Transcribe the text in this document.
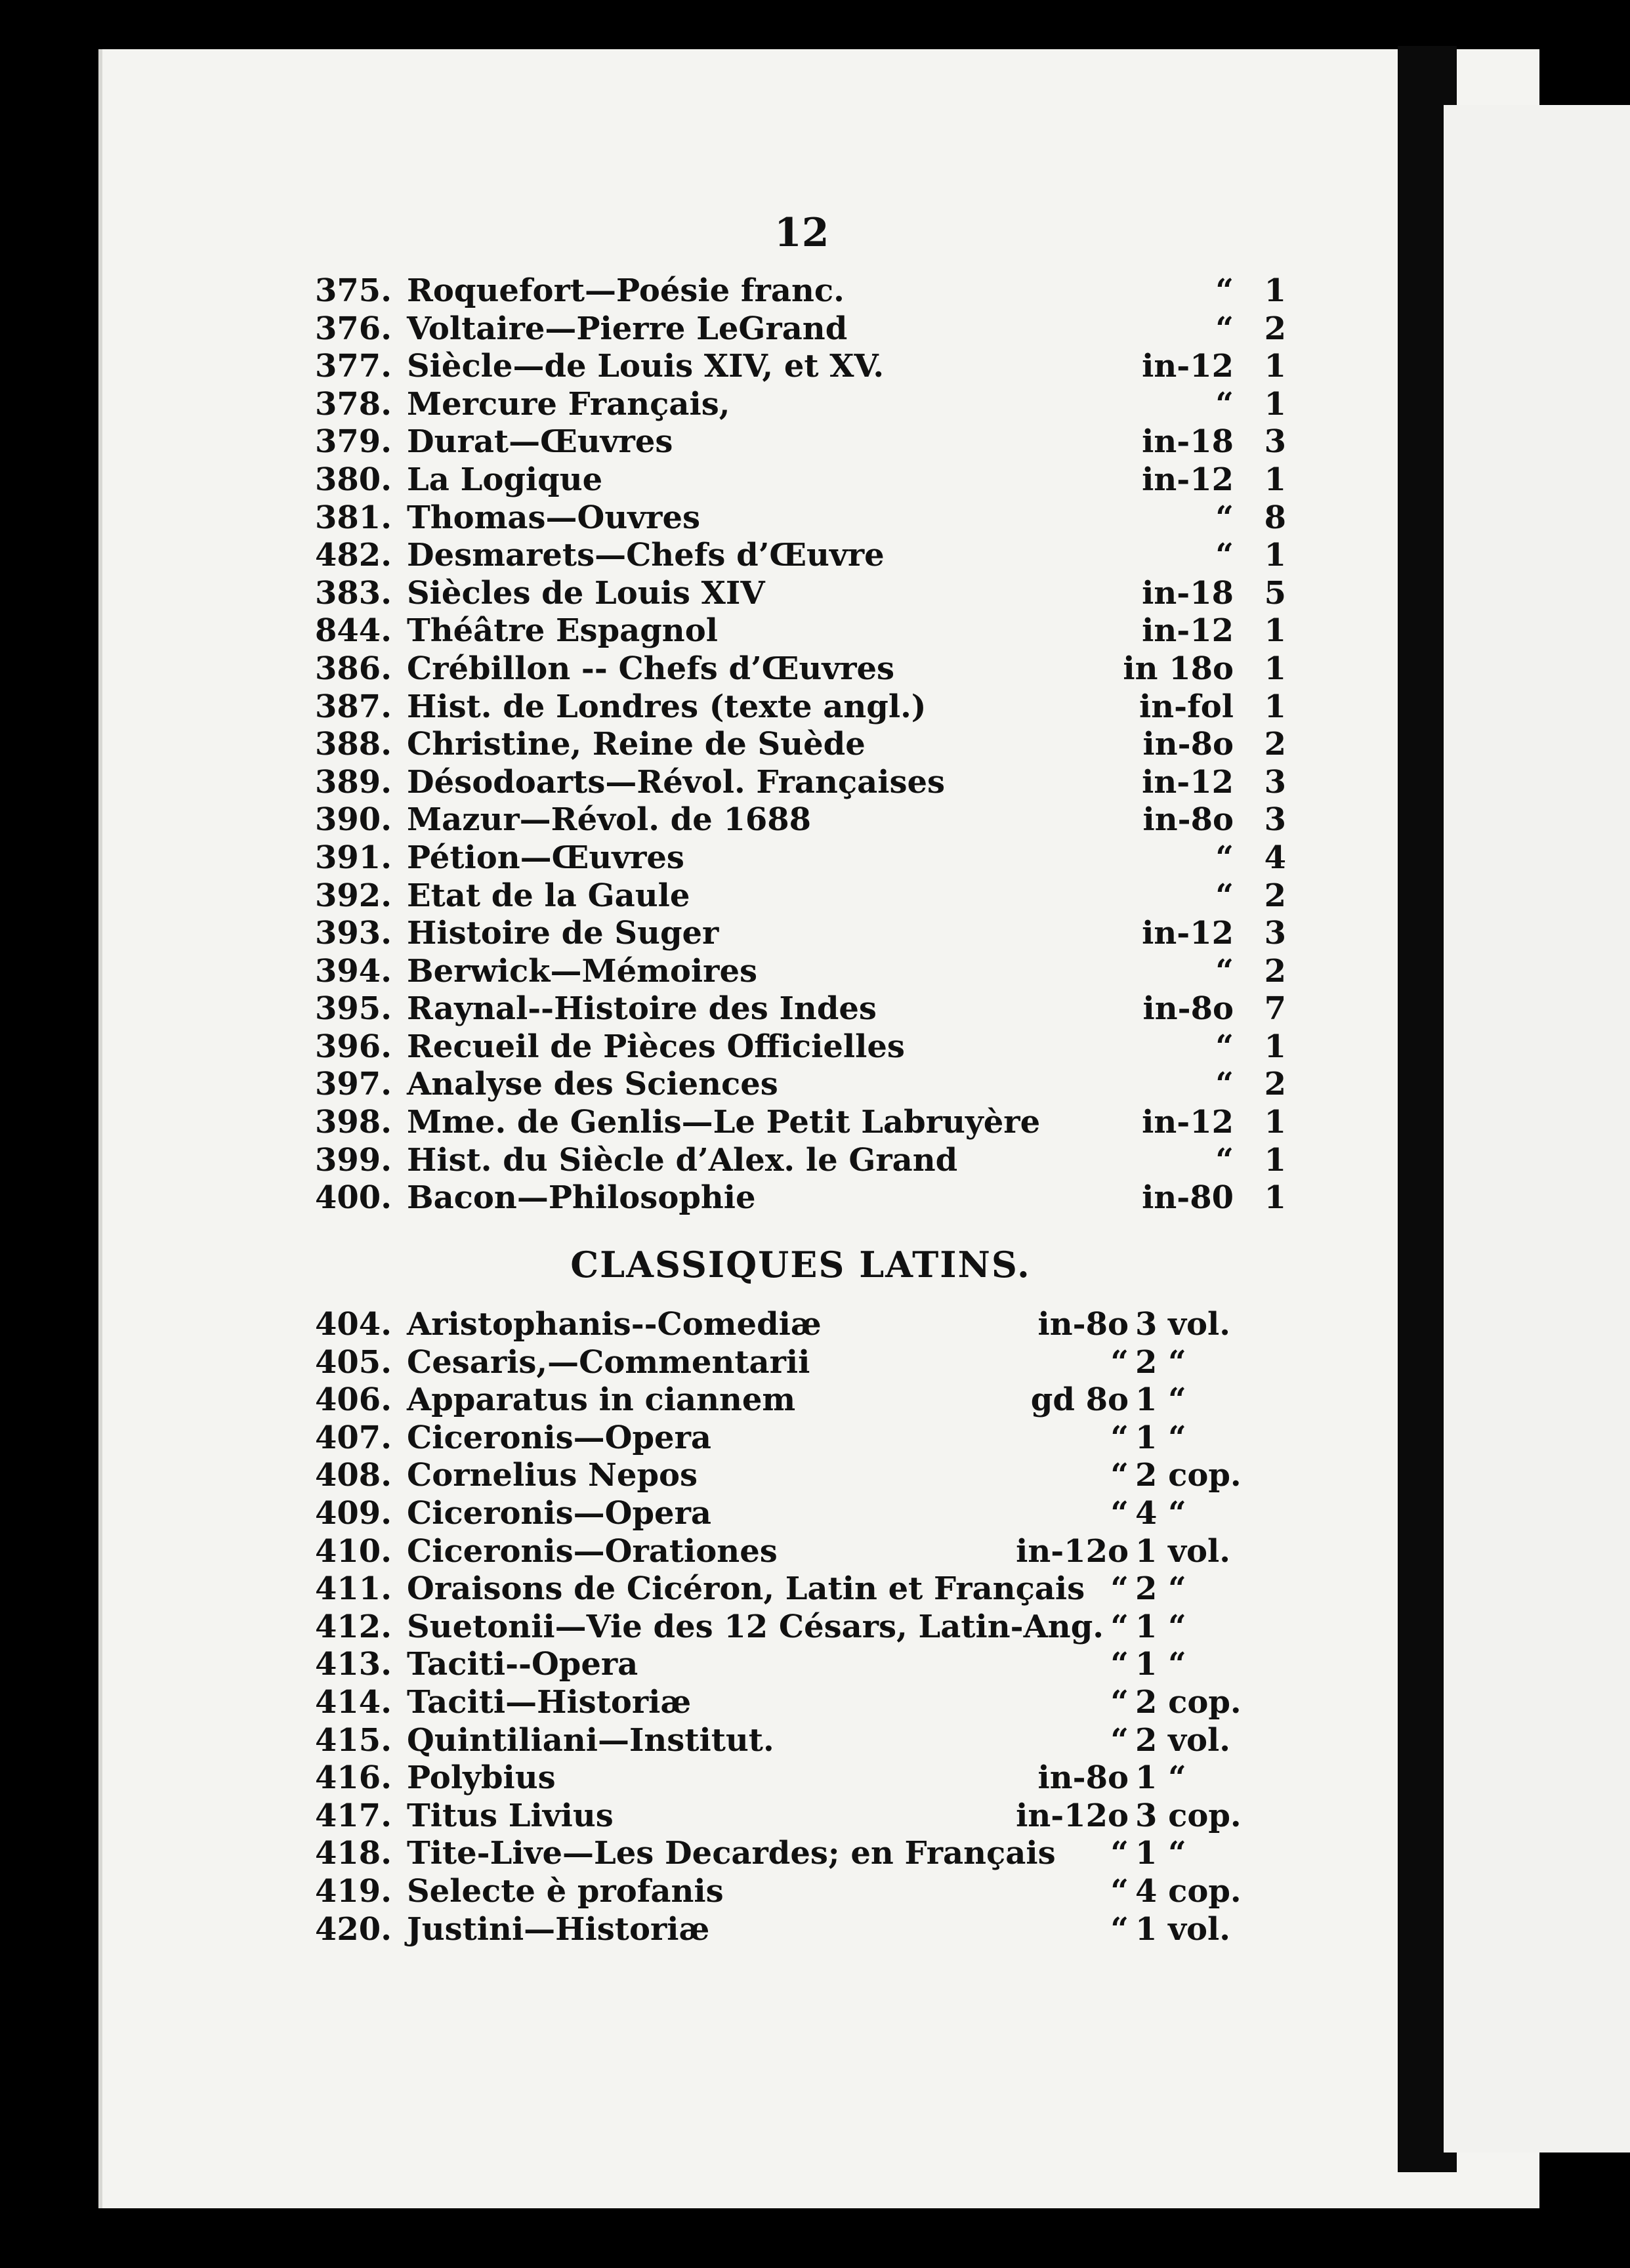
12
375. Roquefort—Poésie franc.	“ 1
376. Voltaire—Pierre LeGrand	“ 2
377. Siècle—de Louis XIV, et XV.	in-12 1
378. Mercure Français,	“ 1
379. Durat—Œuvres	in-18 3
380. La Logique	in-12 1
381. Thomas—Ouvres	“ 8
482. Desmarets—Chefs d’Œuvre	“ 1
383. Siècles de Louis XIV	in-18 5
844. Théâtre Espagnol	in-12 1
386. Crébillon -- Chefs d’Œuvres	in 18o 1
387. Hist. de Londres (texte angl.)	in-fol 1
388. Christine, Reine de Suède	in-8o 2
389. Désodoarts—Révol. Françaises	in-12 3
390. Mazur—Révol. de 1688	in-8o 3
391. Pétion—Œuvres	“ 4
392. Etat de la Gaule	“ 2
393. Histoire de Suger	in-12 3
394. Berwick—Mémoires	“ 2
395. Raynal--Histoire des Indes	in-8o 7
396. Recueil de Pièces Officielles	“ 1
397. Analyse des Sciences	“ 2
398. Mme. de Genlis—Le Petit Labruyère	in-12 1
399. Hist. du Siècle d’Alex. le Grand	“ 1
400. Bacon—Philosophie	in-80 1
CLASSIQUES LATINS.
404. Aristophanis--Comediæ	in-8o 3 vol.
405. Cesaris,—Commentarii	“ 2 “
406. Apparatus in ciannem	gd 8o 1 “
407. Ciceronis—Opera	“ 1 “
408. Cornelius Nepos	“ 2 cop.
409. Ciceronis—Opera	“ 4 “
410. Ciceronis—Orationes	in-12o 1 vol.
411. Oraisons de Cicéron, Latin et Français “ 2 “
412. Suetonii—Vie des 12 Césars, Latin-Ang. “ 1 “
413. Taciti--Opera	“ 1 “
414. Taciti—Historiæ	“ 2 cop.
415. Quintiliani—Institut.	“ 2 vol.
416. Polybius	in-8o 1 “
417. Titus Livius	in-12o 3 cop.
418. Tite-Live—Les Decardes; en Français “ 1 “
419. Selecte è profanis	“ 4 cop.
420. Justini—Historiæ	“ 1 vol.
